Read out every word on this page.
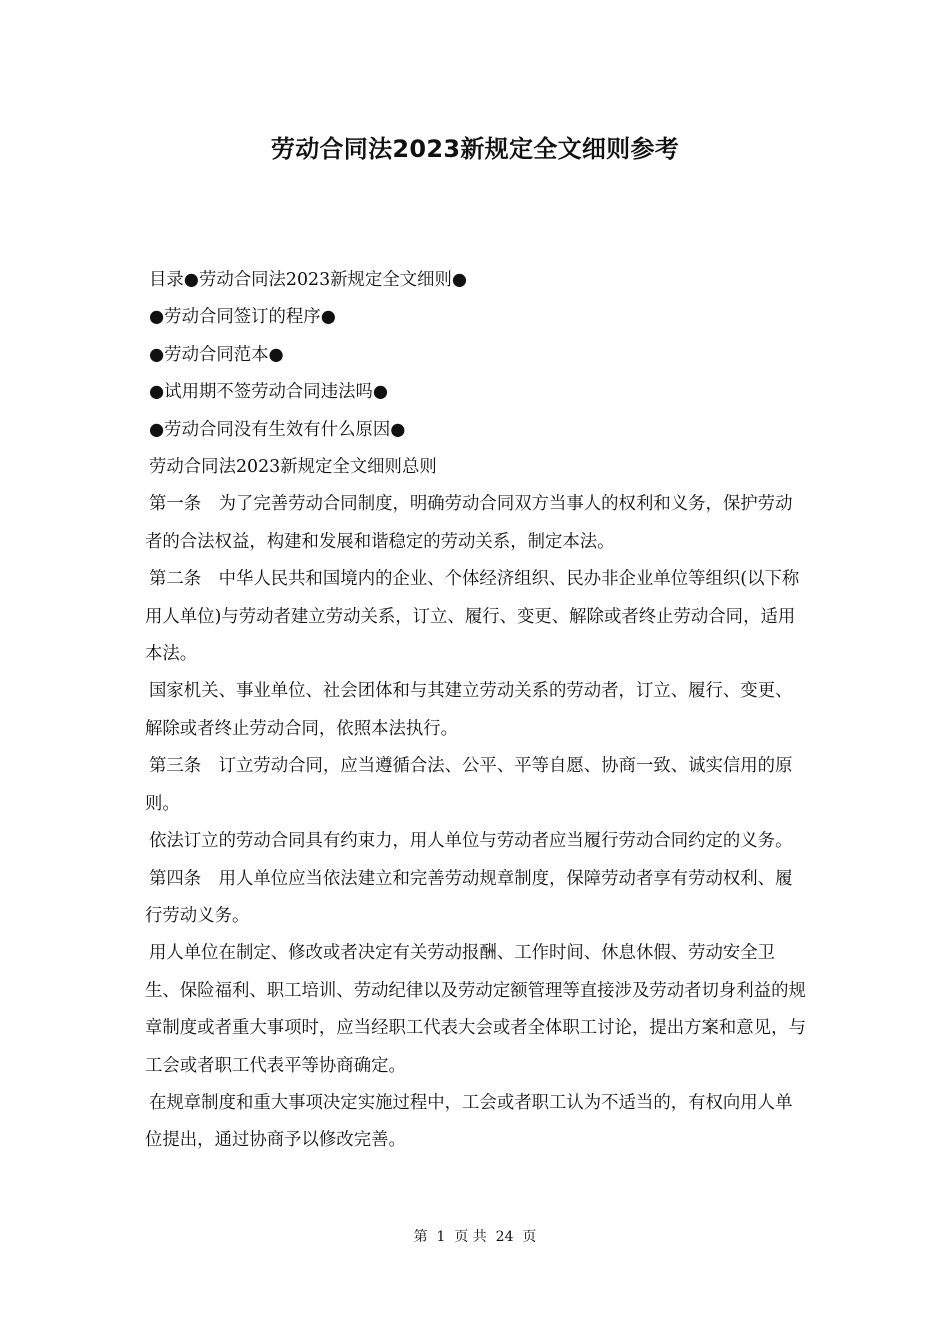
劳动合同法2023新规定全文细则参考

目录●劳动合同法2023新规定全文细则●

●劳动合同签订的程序●

●劳动合同范本●

●试用期不签劳动合同违法吗●

●劳动合同没有生效有什么原因●

劳动合同法2023新规定全文细则总则

第一条　为了完善劳动合同制度，明确劳动合同双方当事人的权利和义务，保护劳动者的合法权益，构建和发展和谐稳定的劳动关系，制定本法。

第二条　中华人民共和国境内的企业、个体经济组织、民办非企业单位等组织(以下称用人单位)与劳动者建立劳动关系，订立、履行、变更、解除或者终止劳动合同，适用本法。

国家机关、事业单位、社会团体和与其建立劳动关系的劳动者，订立、履行、变更、解除或者终止劳动合同，依照本法执行。

第三条　订立劳动合同，应当遵循合法、公平、平等自愿、协商一致、诚实信用的原则。

依法订立的劳动合同具有约束力，用人单位与劳动者应当履行劳动合同约定的义务。

第四条　用人单位应当依法建立和完善劳动规章制度，保障劳动者享有劳动权利、履行劳动义务。

用人单位在制定、修改或者决定有关劳动报酬、工作时间、休息休假、劳动安全卫生、保险福利、职工培训、劳动纪律以及劳动定额管理等直接涉及劳动者切身利益的规章制度或者重大事项时，应当经职工代表大会或者全体职工讨论，提出方案和意见，与工会或者职工代表平等协商确定。

在规章制度和重大事项决定实施过程中，工会或者职工认为不适当的，有权向用人单位提出，通过协商予以修改完善。

第  1  页 共  24  页
